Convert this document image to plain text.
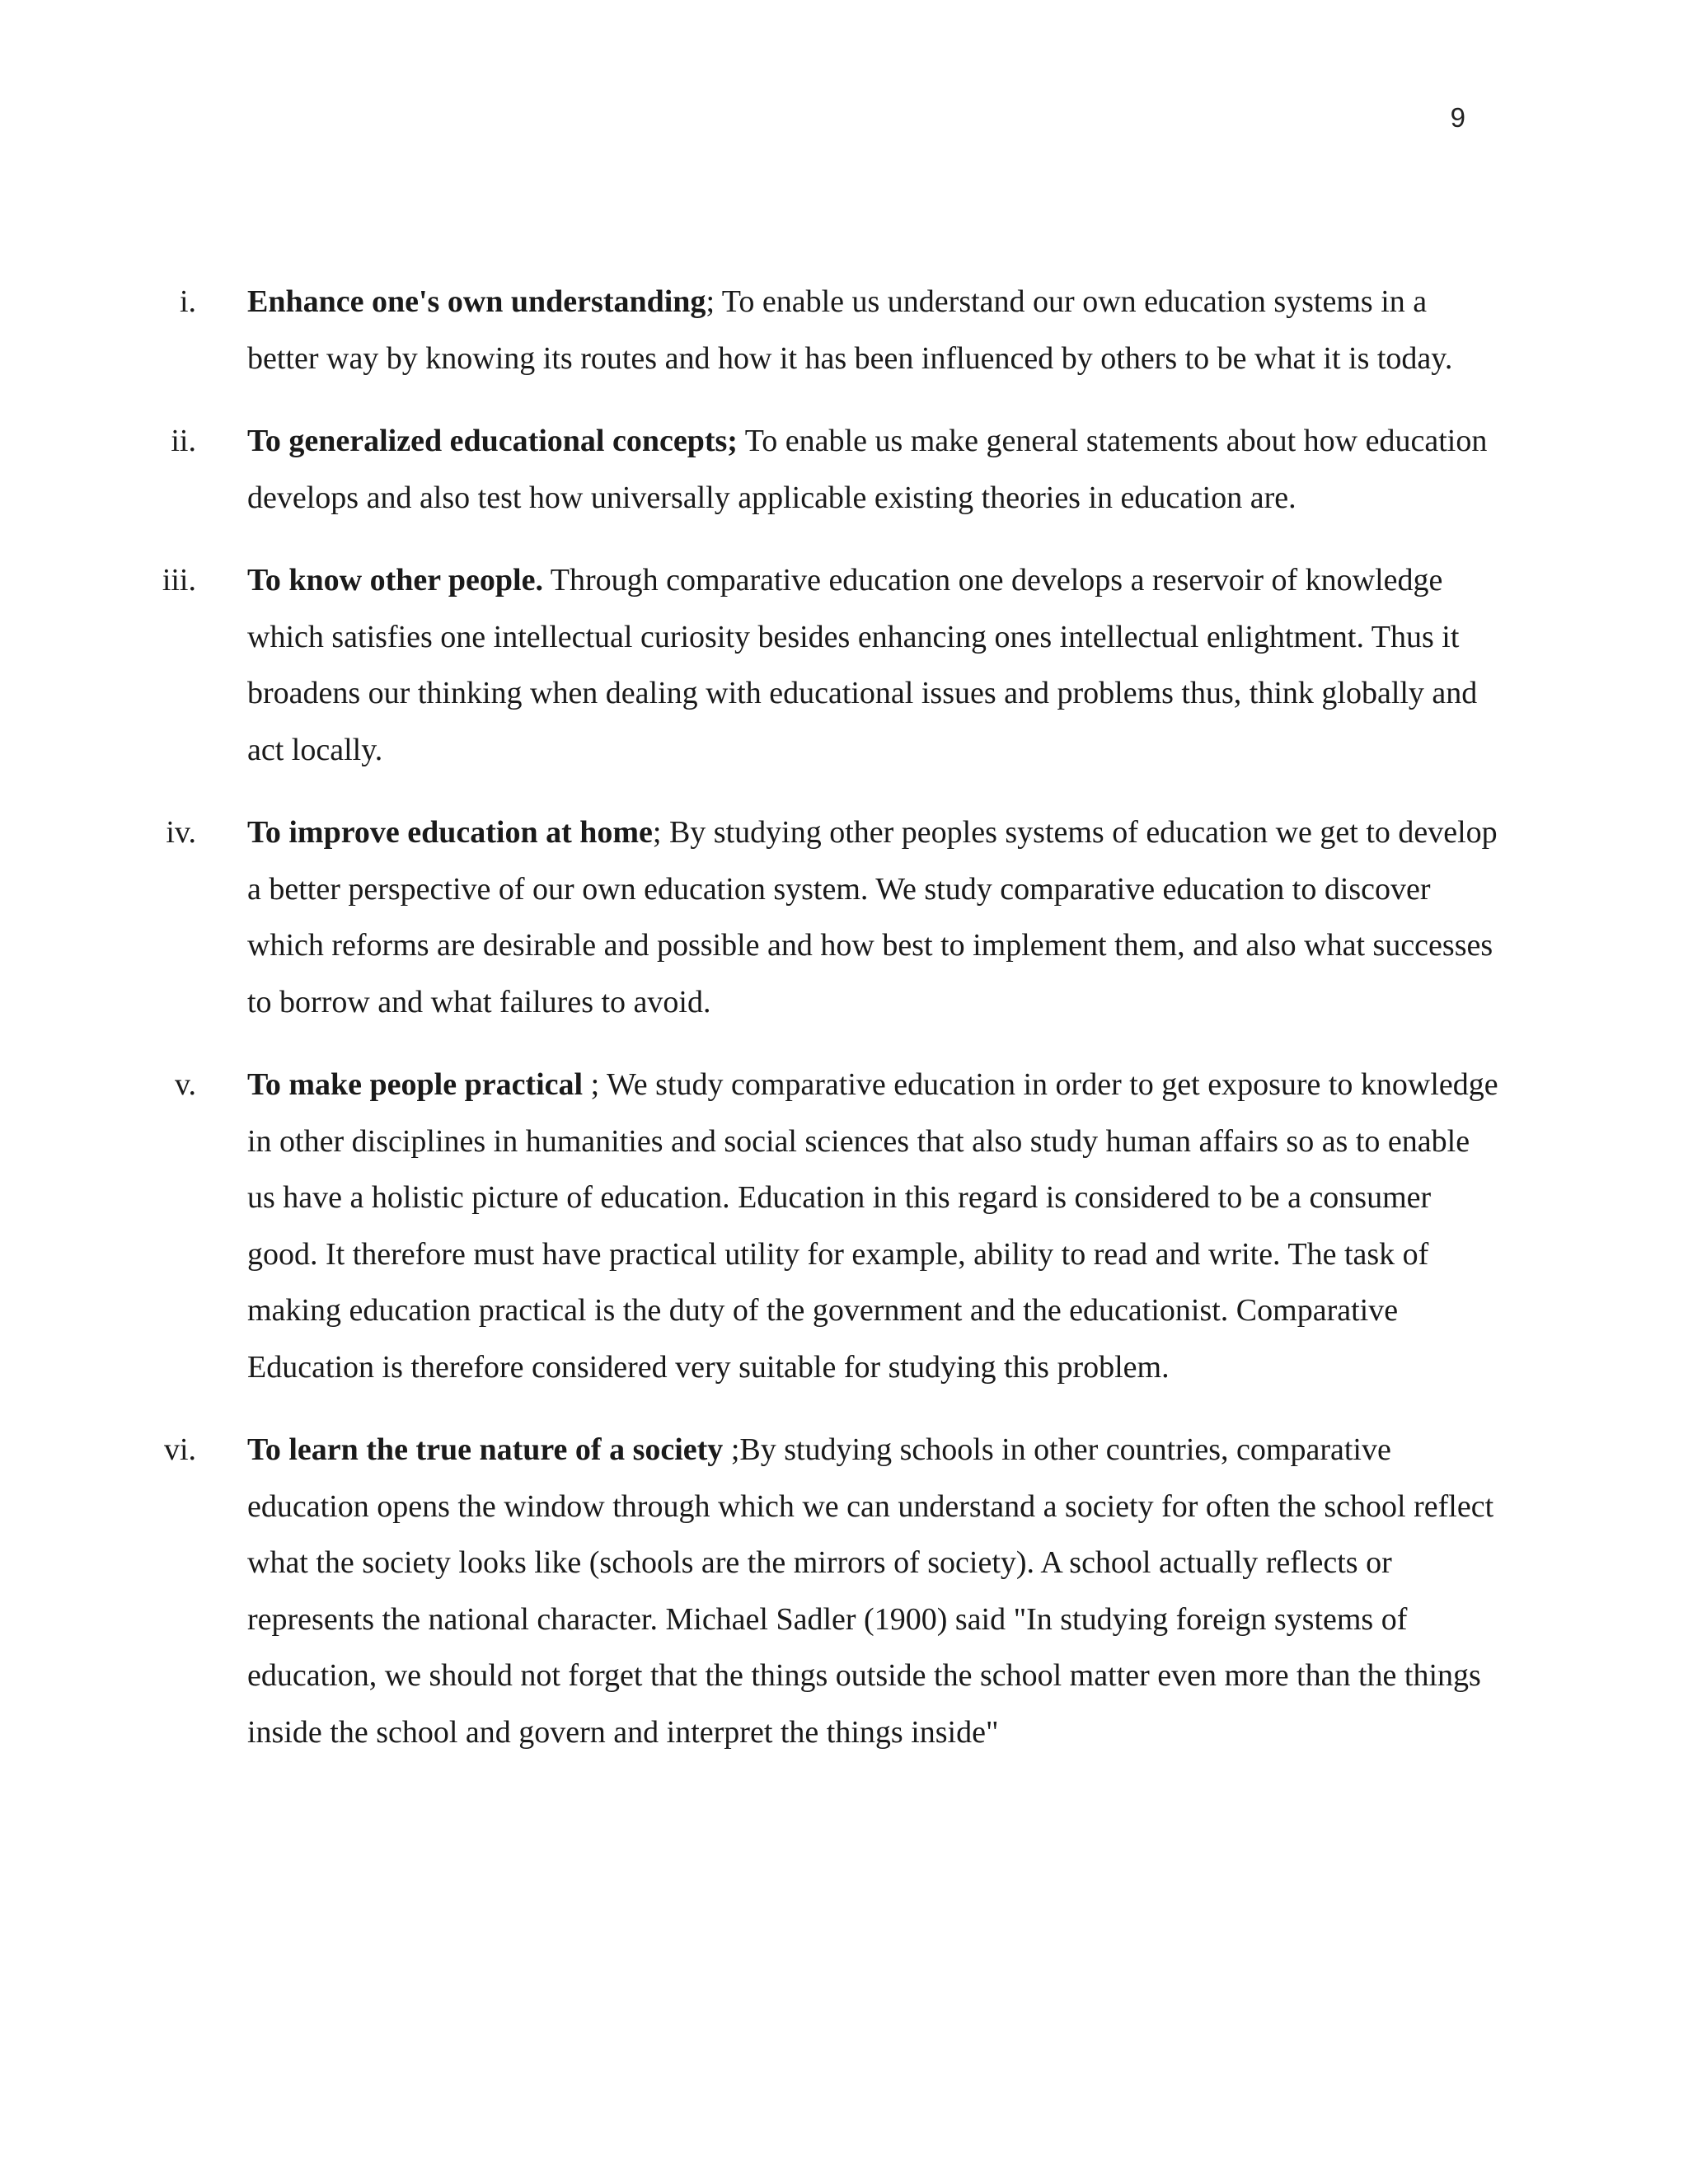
9
i. Enhance one's own understanding; To enable us understand our own education systems in a better way by knowing its routes and how it has been influenced by others to be what it is today.
ii. To generalized educational concepts; To enable us make general statements about how education develops and also test how universally applicable existing theories in education are.
iii. To know other people. Through comparative education one develops a reservoir of knowledge which satisfies one intellectual curiosity besides enhancing ones intellectual enlightment. Thus it broadens our thinking when dealing with educational issues and problems thus, think globally and act locally.
iv. To improve education at home; By studying other peoples systems of education we get to develop a better perspective of our own education system. We study comparative education to discover which reforms are desirable and possible and how best to implement them, and also what successes to borrow and what failures to avoid.
v. To make people practical ; We study comparative education in order to get exposure to knowledge in other disciplines in humanities and social sciences that also study human affairs so as to enable us have a holistic picture of education. Education in this regard is considered to be a consumer good. It therefore must have practical utility for example, ability to read and write. The task of making education practical is the duty of the government and the educationist. Comparative Education is therefore considered very suitable for studying this problem.
vi. To learn the true nature of a society ;By studying schools in other countries, comparative education opens the window through which we can understand a society for often the school reflect what the society looks like (schools are the mirrors of society). A school actually reflects or represents the national character. Michael Sadler (1900) said "In studying foreign systems of education, we should not forget that the things outside the school matter even more than the things inside the school and govern and interpret the things inside"
